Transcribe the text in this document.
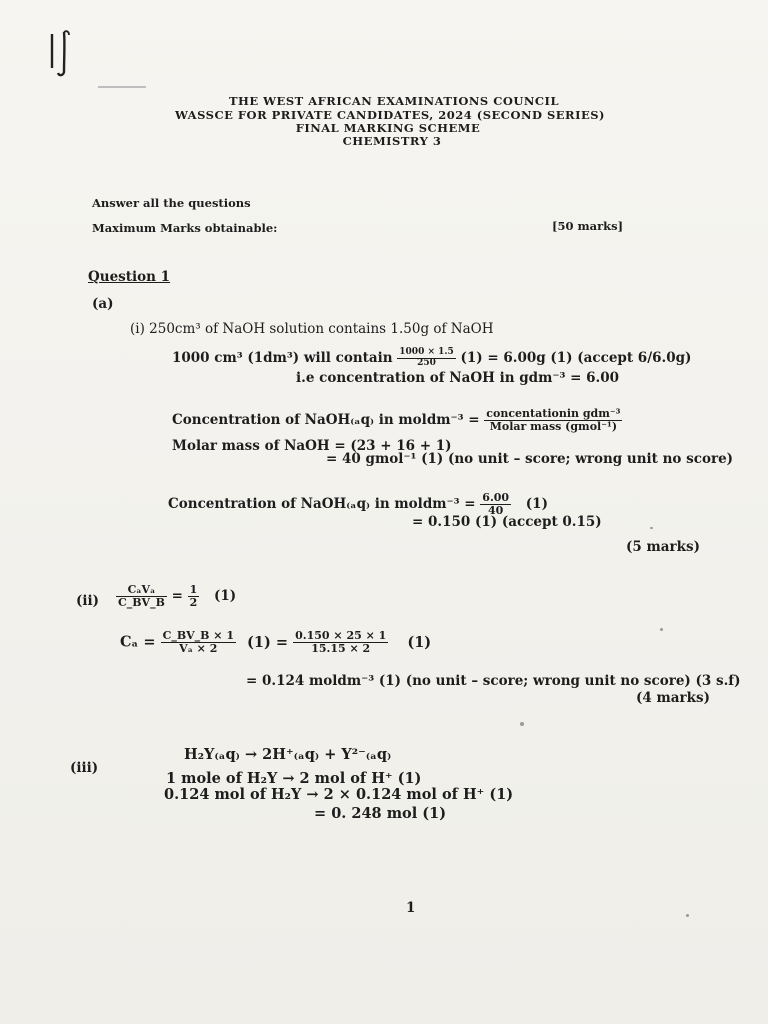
THE WEST AFRICAN EXAMINATIONS COUNCIL
WASSCE FOR PRIVATE CANDIDATES, 2024 (SECOND SERIES)
FINAL MARKING SCHEME
CHEMISTRY 3
Answer all the questions
Maximum Marks obtainable:	[50 marks]
Question 1
(a)
(i) 250cm³ of NaOH solution contains 1.50g of NaOH
1000 cm³ (1dm³) will contain $\frac{1000 \times 1.5}{250} (1) = 6.00g$ (1) (accept 6/6.0g)
i.e concentration of NaOH in gdm⁻³ = 6.00
Concentration of NaOH₍ₐq₎ in moldm⁻³ = $\frac{\text{concentationin gdm⁻³}}{\text{Molar mass (gmol⁻¹)}}$
Molar mass of NaOH = (23 + 16 + 1)
= 40 gmol⁻¹ (1) (no unit – score; wrong unit no score)
Concentration of NaOH₍ₐq₎ in moldm⁻³ = $\frac{6.00}{40} (1)$
= 0.150 (1) (accept 0.15)
(5 marks)
$(ii) \frac{\text{CₐVₐ}}{C\_BV\_B} = \frac{1}{2} (1)$
$C_a = \frac{C\_BV\_B \times 1}{\text{Vₐ × 2}} (1) = \frac{0.150 \times 25 \times 1}{15.15 \times 2} (1)$
= 0.124 moldm⁻³ (1) (no unit – score; wrong unit no score) (3 s.f)
(4 marks)
(iii)
H₂Y₍ₐq₎ → 2H⁺₍ₐq₎ + Y²⁻₍ₐq₎
1 mole of H₂Y → 2 mol of H⁺ (1)
0.124 mol of H₂Y → 2 × 0.124 mol of H⁺ (1)
= 0. 248 mol (1)
1
